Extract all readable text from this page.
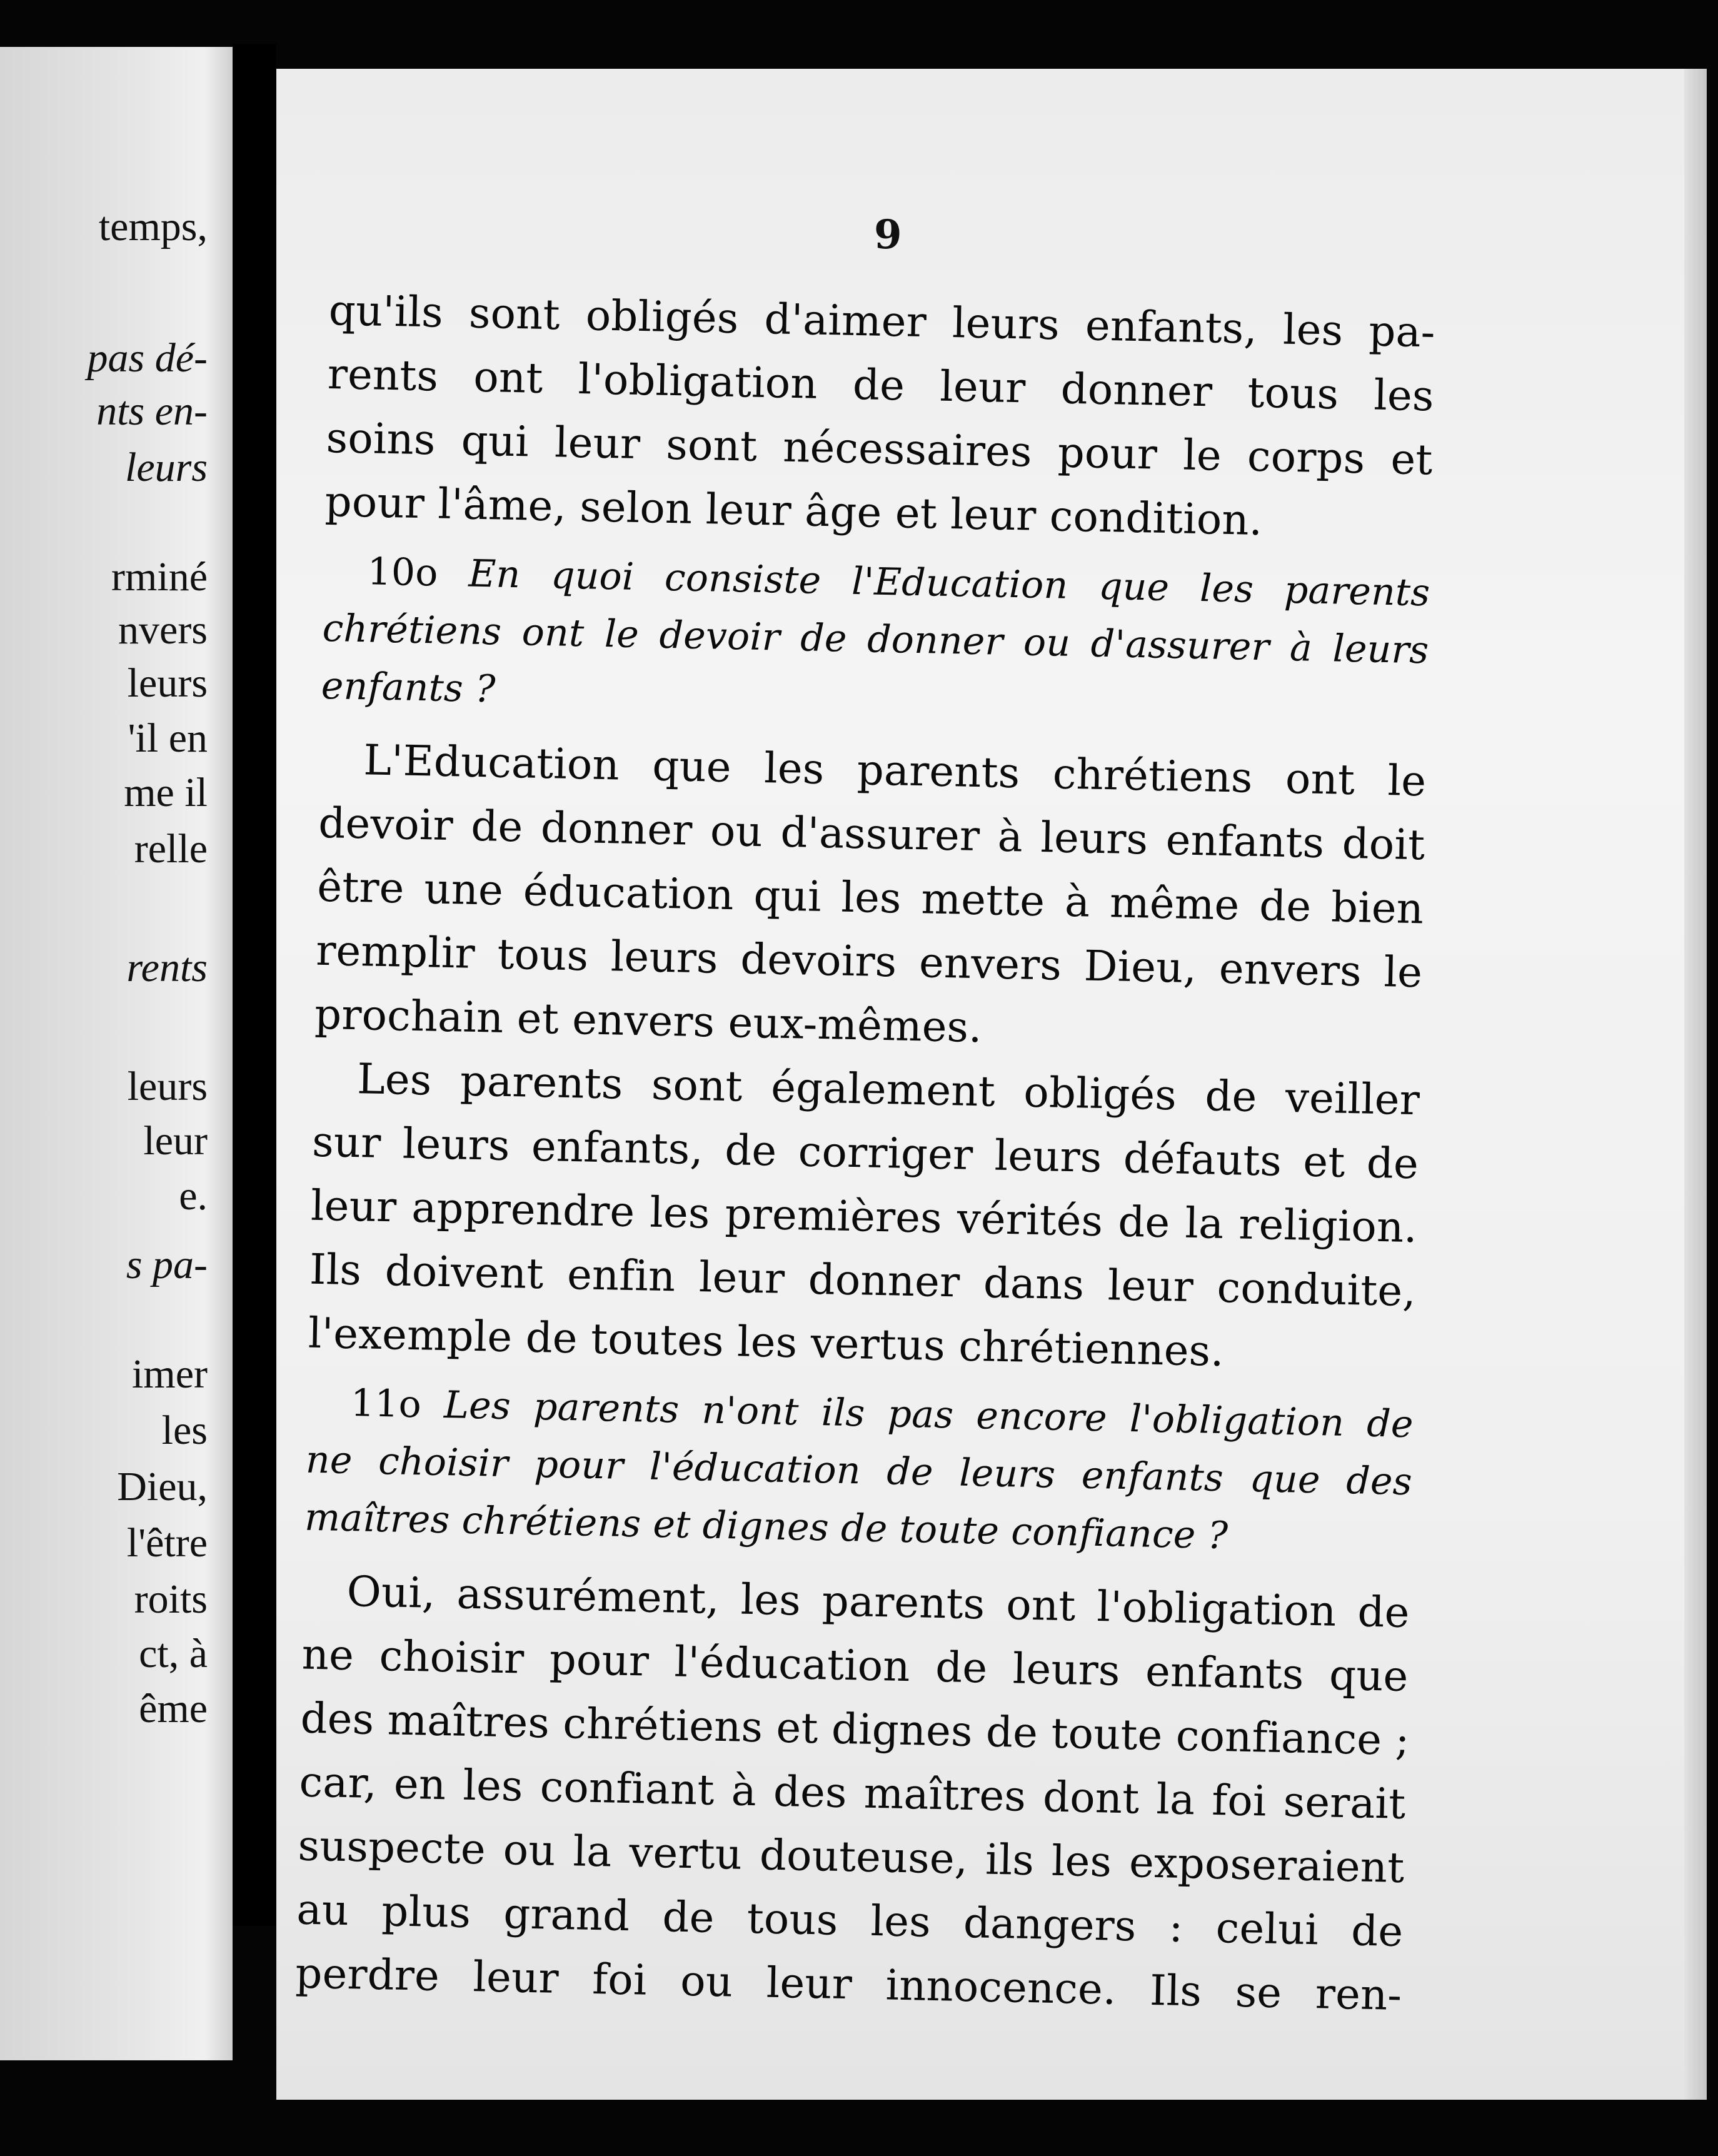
temps,
pas dé-
nts en-
leurs
rminé
nvers
leurs
'il en
me il
relle
rents
leurs
leur
e.
s pa-
imer
les
Dieu,
l'être
roits
ct, à
ême
9

qu'ils sont obligés d'aimer leurs enfants, les pa-
rents ont l'obligation de leur donner tous les
soins qui leur sont nécessaires pour le corps et
pour l'âme, selon leur âge et leur condition.

10o En quoi consiste l'Education que les parents
chrétiens ont le devoir de donner ou d'assurer à leurs
enfants ?

L'Education que les parents chrétiens ont le
devoir de donner ou d'assurer à leurs enfants doit
être une éducation qui les mette à même de bien
remplir tous leurs devoirs envers Dieu, envers le
prochain et envers eux-mêmes.

Les parents sont également obligés de veiller
sur leurs enfants, de corriger leurs défauts et de
leur apprendre les premières vérités de la religion.
Ils doivent enfin leur donner dans leur conduite,
l'exemple de toutes les vertus chrétiennes.

11o Les parents n'ont ils pas encore l'obligation de
ne choisir pour l'éducation de leurs enfants que des
maîtres chrétiens et dignes de toute confiance ?

Oui, assurément, les parents ont l'obligation de
ne choisir pour l'éducation de leurs enfants que
des maîtres chrétiens et dignes de toute confiance ;
car, en les confiant à des maîtres dont la foi serait
suspecte ou la vertu douteuse, ils les exposeraient
au plus grand de tous les dangers : celui de
perdre leur foi ou leur innocence. Ils se ren-
